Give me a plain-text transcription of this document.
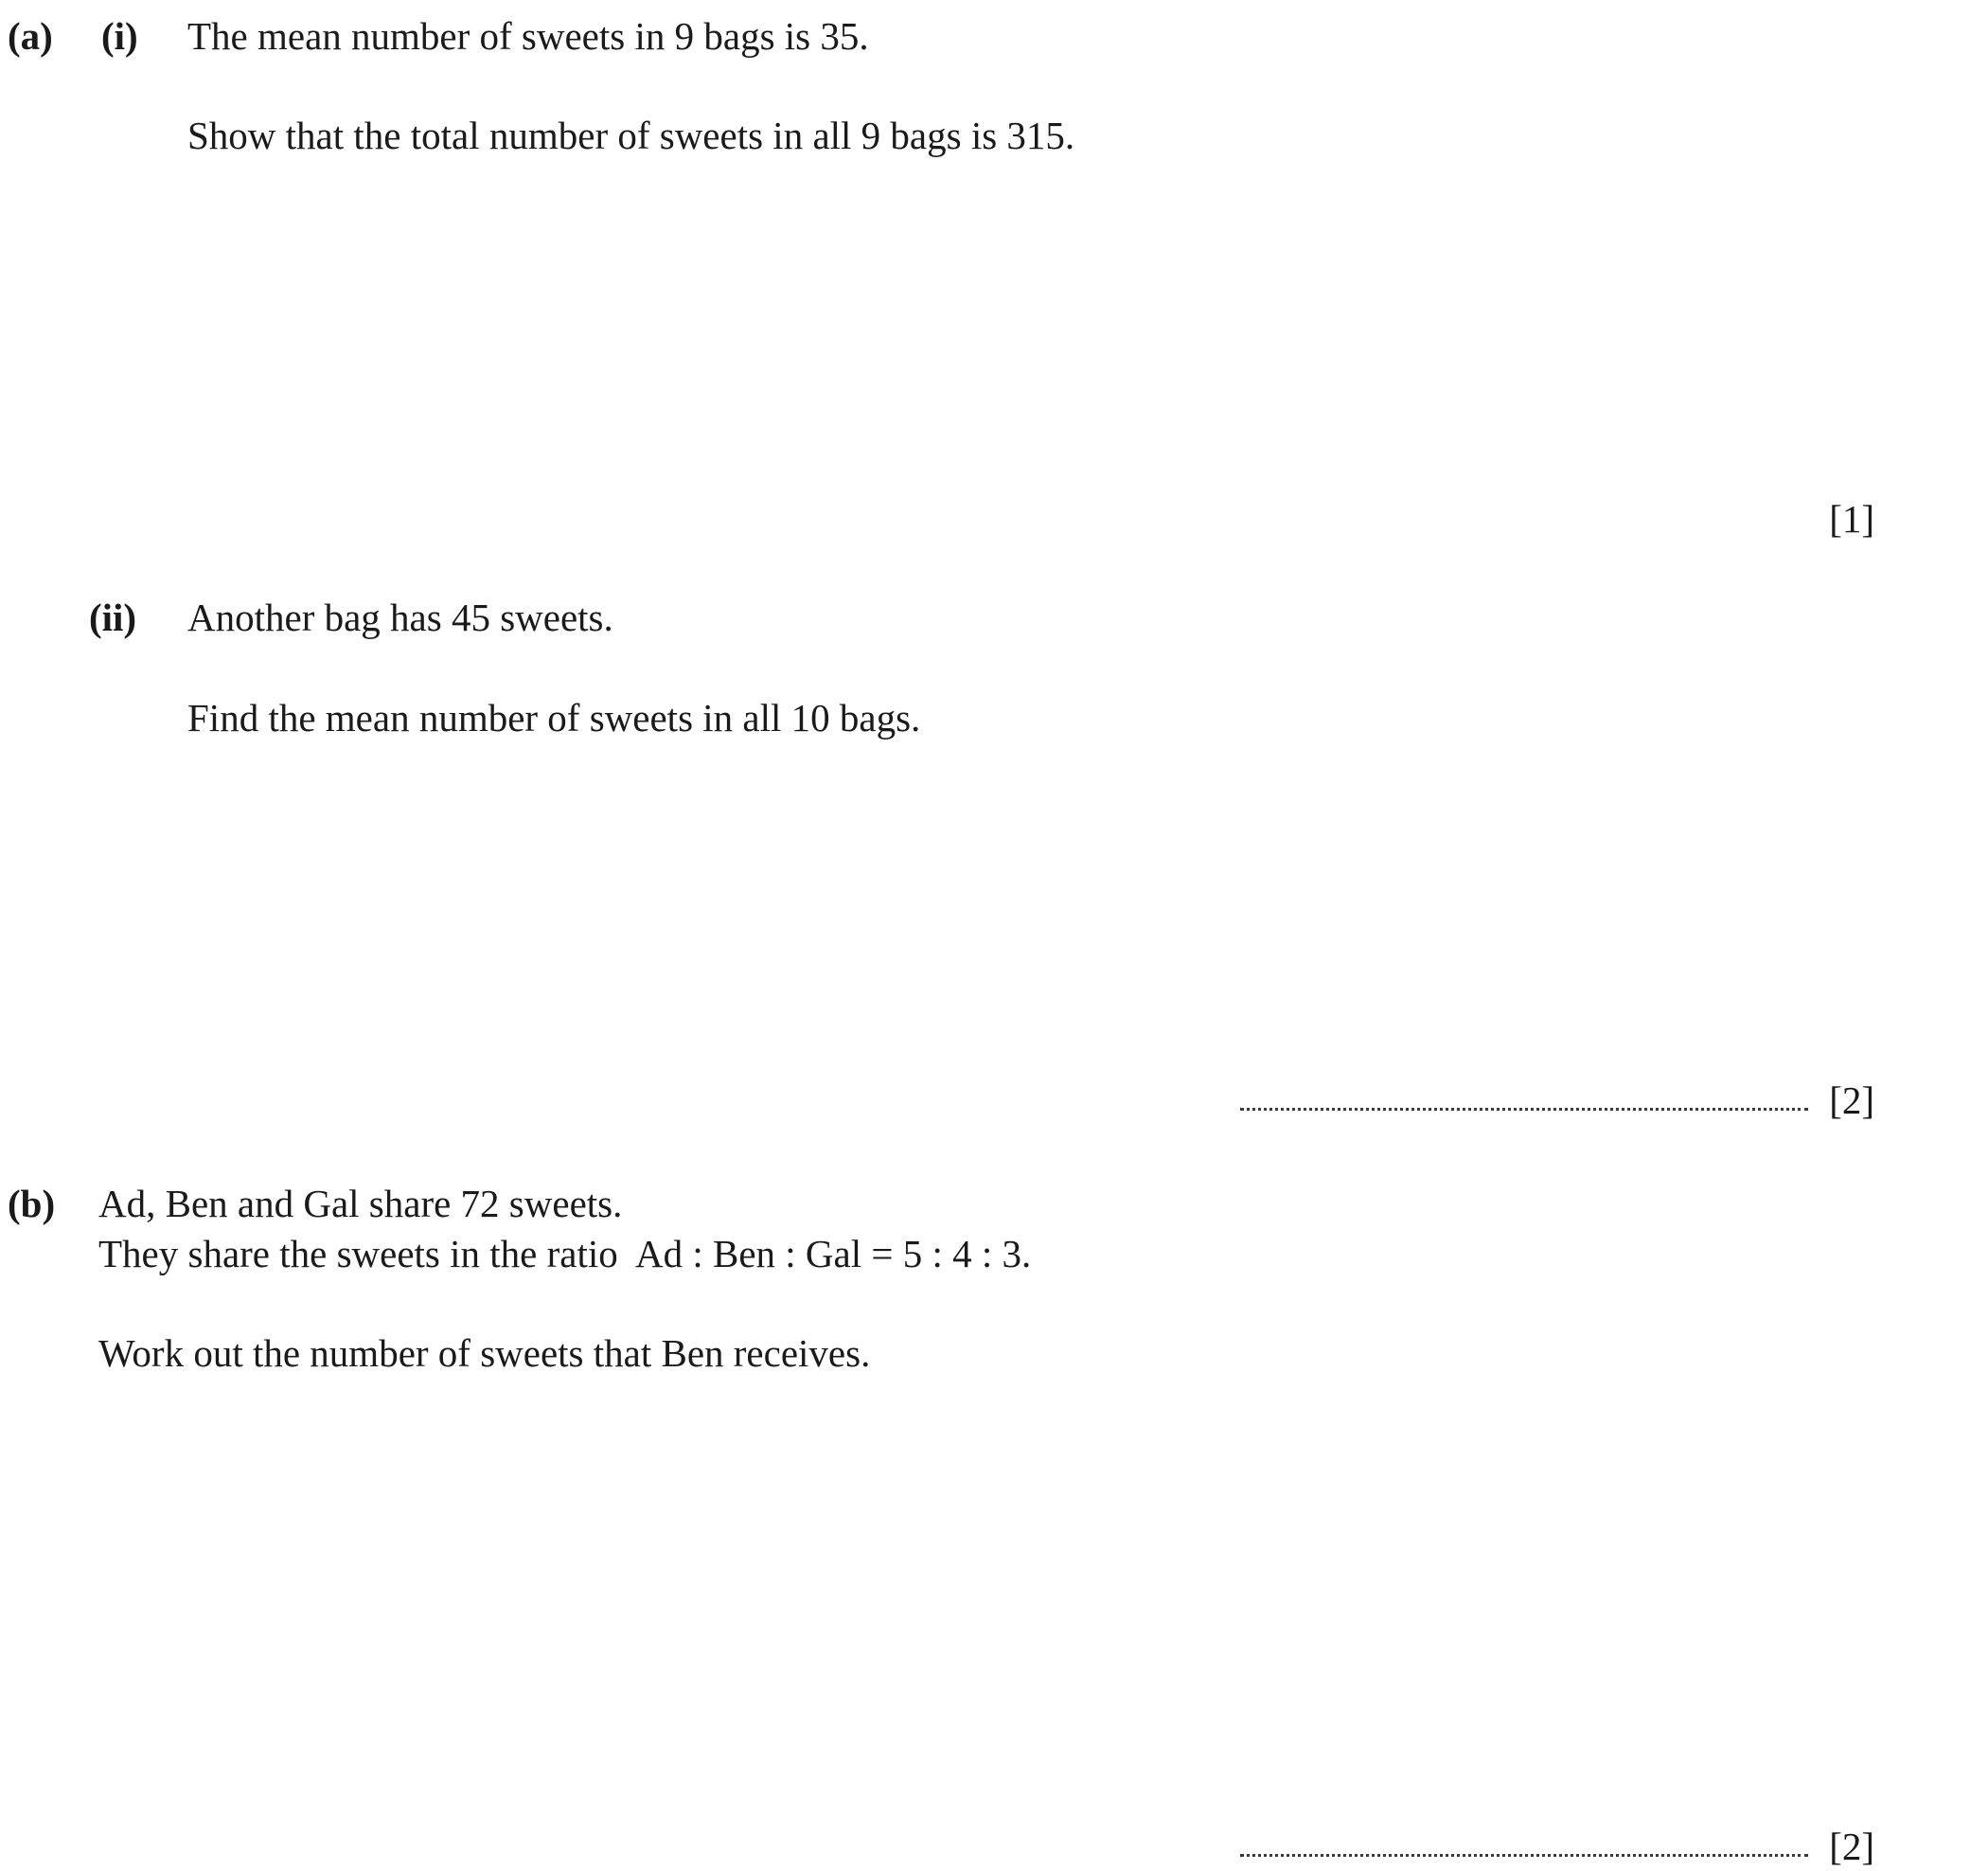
(a) (i) The mean number of sweets in 9 bags is 35.
Show that the total number of sweets in all 9 bags is 315.
[1]
(ii) Another bag has 45 sweets.
Find the mean number of sweets in all 10 bags.
[2]
(b) Ad, Ben and Gal share 72 sweets.
They share the sweets in the ratio  Ad : Ben : Gal = 5 : 4 : 3.
Work out the number of sweets that Ben receives.
[2]
